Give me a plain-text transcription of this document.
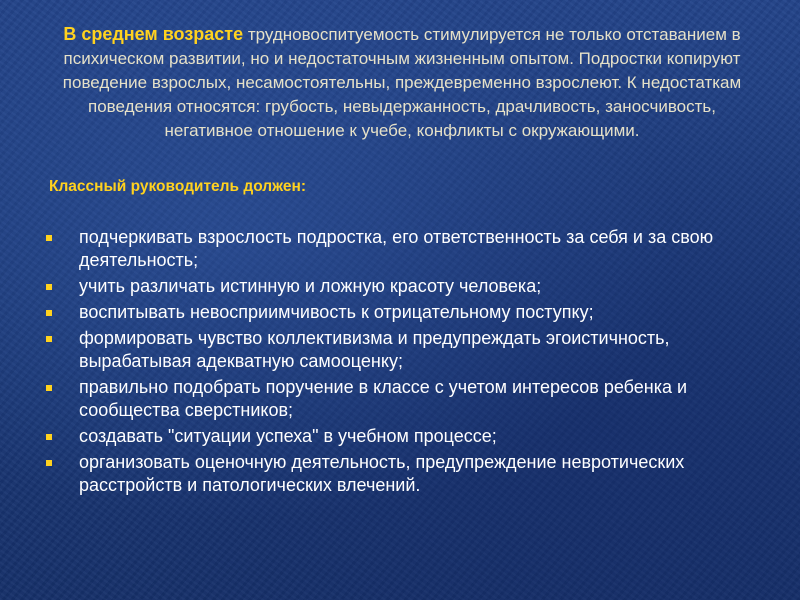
В среднем возрасте трудновоспитуемость стимулируется не только отставанием в психическом развитии, но и недостаточным жизненным опытом. Подростки копируют поведение взрослых, несамостоятельны, преждевременно взрослеют. К недостаткам поведения относятся: грубость, невыдержанность, драчливость, заносчивость, негативное отношение к учебе, конфликты с окружающими.
Классный руководитель должен:
подчеркивать взрослость подростка, его ответственность за себя и за свою деятельность;
учить различать истинную и ложную красоту человека;
воспитывать невосприимчивость к отрицательному поступку;
формировать чувство коллективизма и предупреждать эгоистичность, вырабатывая адекватную самооценку;
правильно подобрать поручение в классе с учетом интересов ребенка и сообщества сверстников;
создавать "ситуации успеха" в учебном процессе;
организовать оценочную деятельность, предупреждение невротических расстройств и патологических влечений.
